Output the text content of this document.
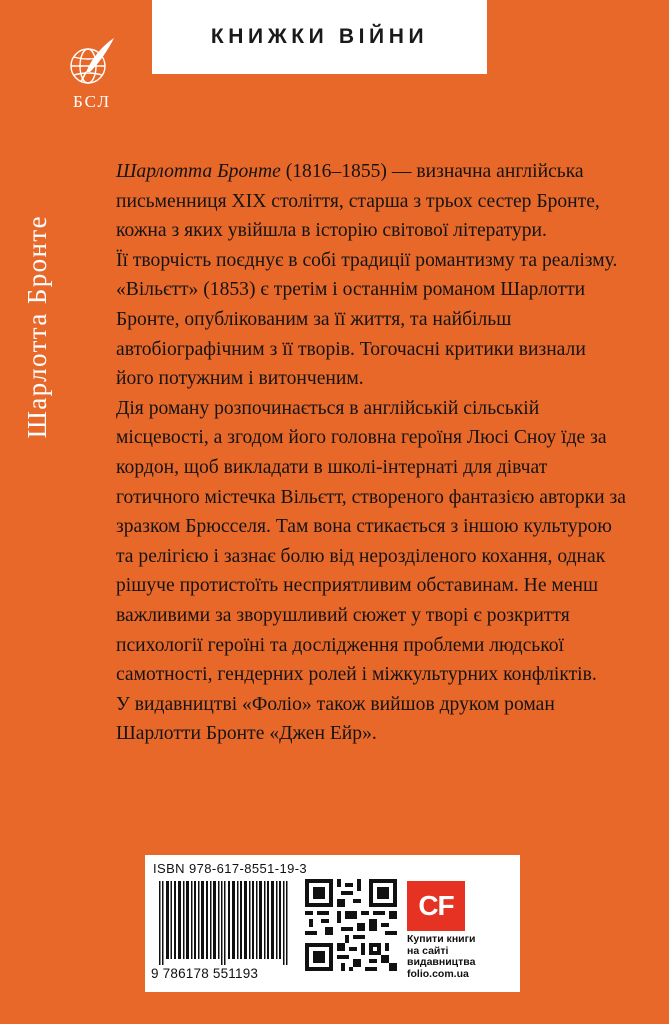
КНИЖКИ ВІЙНИ
БСЛ
Шарлотта Бронте

Шарлотта Бронте (1816–1855) — визначна англійська письменниця XIX століття, старша з трьох сестер Бронте, кожна з яких увійшла в історію світової літератури.

Її творчість поєднує в собі традиції романтизму та реалізму.

«Вільєтт» (1853) є третім і останнім романом Шарлотти Бронте, опублікованим за її життя, та найбільш автобіографічним з її творів. Тогочасні критики визнали його потужним і витонченим.

Дія роману розпочинається в англійській сільській місцевості, а згодом його головна героїня Люсі Сноу їде за кордон, щоб викладати в школі-інтернаті для дівчат готичного містечка Вільєтт, створеного фантазією авторки за зразком Брюсселя. Там вона стикається з іншою культурою та релігією і зазнає болю від нерозділеного кохання, однак рішуче протистоїть несприятливим обставинам. Не менш важливими за зворушливий сюжет у творі є розкриття психології героїні та дослідження проблеми людської самотності, гендерних ролей і міжкультурних конфліктів.

У видавництві «Фоліо» також вийшов друком роман Шарлотти Бронте «Джен Ейр».

ISBN 978-617-8551-19-3
9 786178 551193
CF
Купити книги
на сайті
видавництва
folio.com.ua
